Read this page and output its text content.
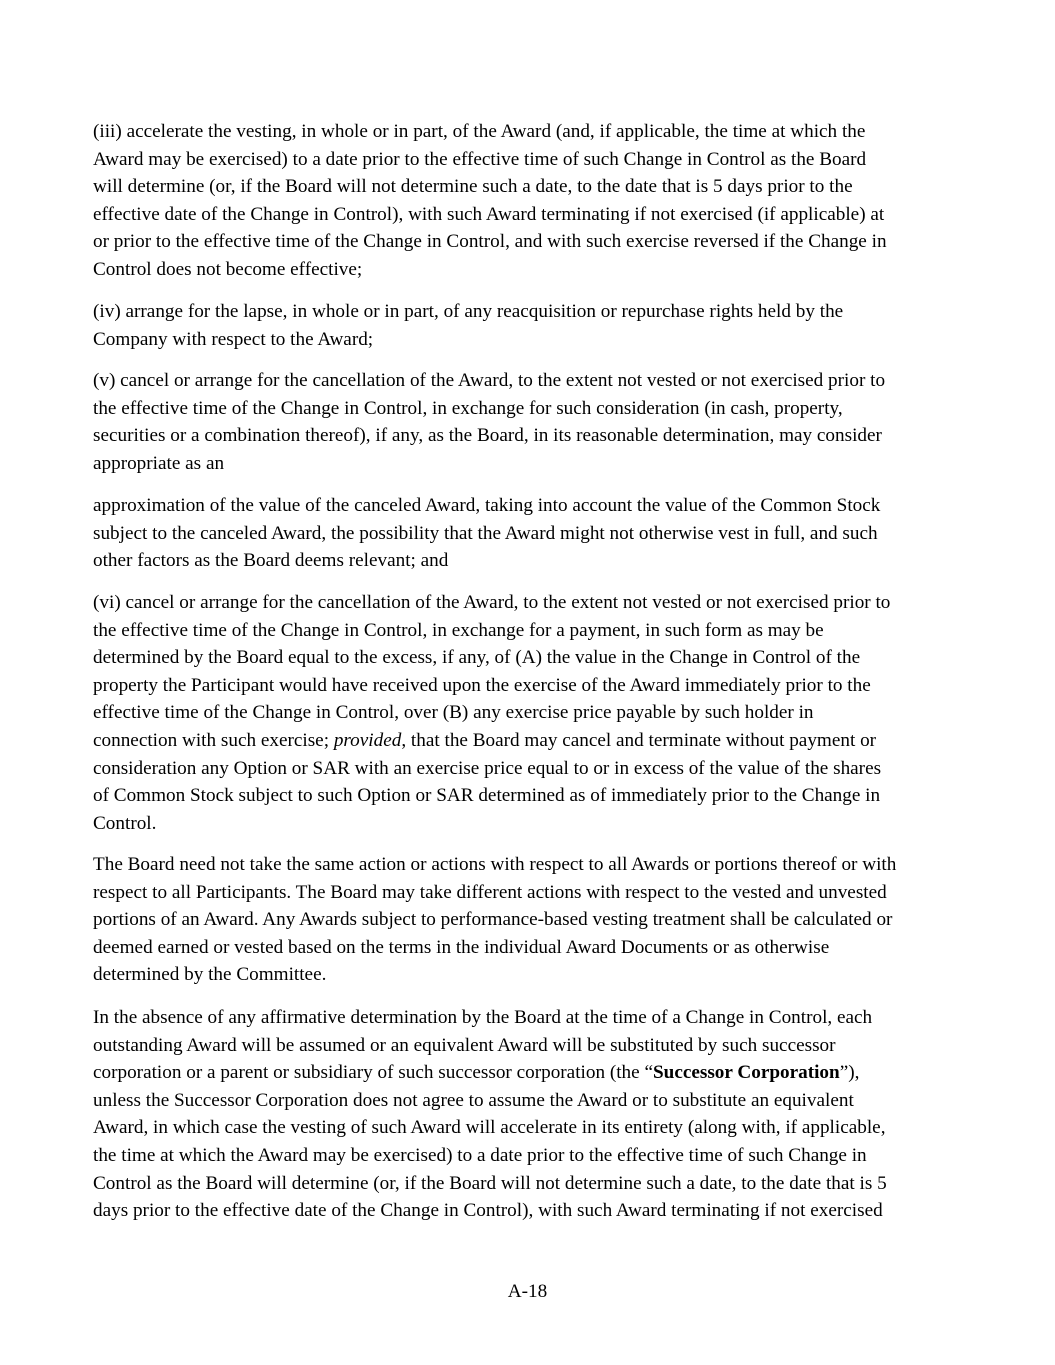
(iii) accelerate the vesting, in whole or in part, of the Award (and, if applicable, the time at which the
Award may be exercised) to a date prior to the effective time of such Change in Control as the Board
will determine (or, if the Board will not determine such a date, to the date that is 5 days prior to the
effective date of the Change in Control), with such Award terminating if not exercised (if applicable) at
or prior to the effective time of the Change in Control, and with such exercise reversed if the Change in
Control does not become effective;
(iv) arrange for the lapse, in whole or in part, of any reacquisition or repurchase rights held by the
Company with respect to the Award;
(v) cancel or arrange for the cancellation of the Award, to the extent not vested or not exercised prior to
the effective time of the Change in Control, in exchange for such consideration (in cash, property,
securities or a combination thereof), if any, as the Board, in its reasonable determination, may consider
appropriate as an
approximation of the value of the canceled Award, taking into account the value of the Common Stock
subject to the canceled Award, the possibility that the Award might not otherwise vest in full, and such
other factors as the Board deems relevant; and
(vi) cancel or arrange for the cancellation of the Award, to the extent not vested or not exercised prior to
the effective time of the Change in Control, in exchange for a payment, in such form as may be
determined by the Board equal to the excess, if any, of (A) the value in the Change in Control of the
property the Participant would have received upon the exercise of the Award immediately prior to the
effective time of the Change in Control, over (B) any exercise price payable by such holder in
connection with such exercise; provided, that the Board may cancel and terminate without payment or
consideration any Option or SAR with an exercise price equal to or in excess of the value of the shares
of Common Stock subject to such Option or SAR determined as of immediately prior to the Change in
Control.
The Board need not take the same action or actions with respect to all Awards or portions thereof or with
respect to all Participants. The Board may take different actions with respect to the vested and unvested
portions of an Award. Any Awards subject to performance-based vesting treatment shall be calculated or
deemed earned or vested based on the terms in the individual Award Documents or as otherwise
determined by the Committee.
In the absence of any affirmative determination by the Board at the time of a Change in Control, each
outstanding Award will be assumed or an equivalent Award will be substituted by such successor
corporation or a parent or subsidiary of such successor corporation (the “Successor Corporation”),
unless the Successor Corporation does not agree to assume the Award or to substitute an equivalent
Award, in which case the vesting of such Award will accelerate in its entirety (along with, if applicable,
the time at which the Award may be exercised) to a date prior to the effective time of such Change in
Control as the Board will determine (or, if the Board will not determine such a date, to the date that is 5
days prior to the effective date of the Change in Control), with such Award terminating if not exercised
A-18
